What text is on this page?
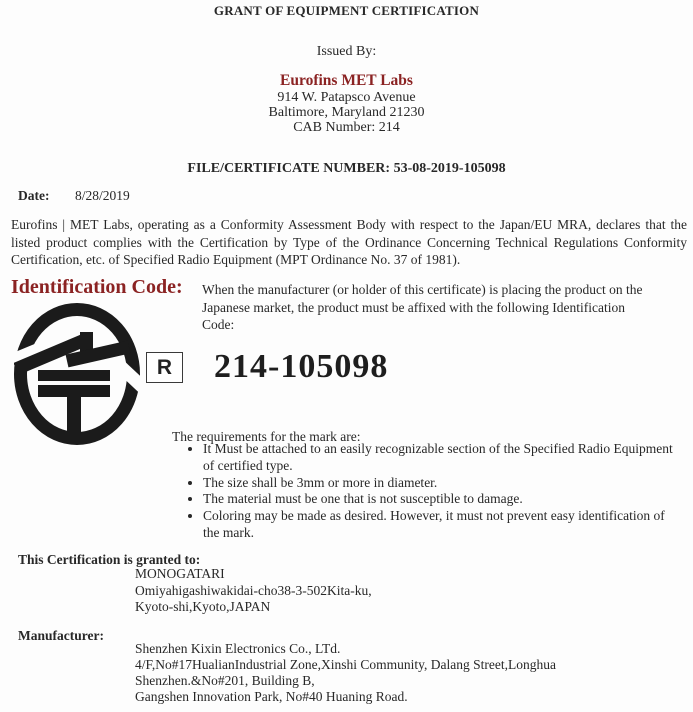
GRANT OF EQUIPMENT CERTIFICATION
Issued By:
Eurofins MET Labs
914 W. Patapsco Avenue
Baltimore, Maryland 21230
CAB Number: 214
FILE/CERTIFICATE NUMBER: 53-08-2019-105098
Date: 8/28/2019

Eurofins | MET Labs, operating as a Conformity Assessment Body with respect to the Japan/EU MRA, declares that the listed product complies with the Certification by Type of the Ordinance Concerning Technical Regulations Conformity Certification, etc. of Specified Radio Equipment (MPT Ordinance No. 37 of 1981).

Identification Code: When the manufacturer (or holder of this certificate) is placing the product on the Japanese market, the product must be affixed with the following Identification Code:
R 214-105098
The requirements for the mark are:
• It Must be attached to an easily recognizable section of the Specified Radio Equipment of certified type.
• The size shall be 3mm or more in diameter.
• The material must be one that is not susceptible to damage.
• Coloring may be made as desired. However, it must not prevent easy identification of the mark.
This Certification is granted to:
MONOGATARI
Omiyahigashiwakidai-cho38-3-502Kita-ku,
Kyoto-shi,Kyoto,JAPAN
Manufacturer:
Shenzhen Kixin Electronics Co., LTd.
4/F,No#17HualianIndustrial Zone,Xinshi Community, Dalang Street,Longhua
Shenzhen.&No#201, Building B,
Gangshen Innovation Park, No#40 Huaning Road.
